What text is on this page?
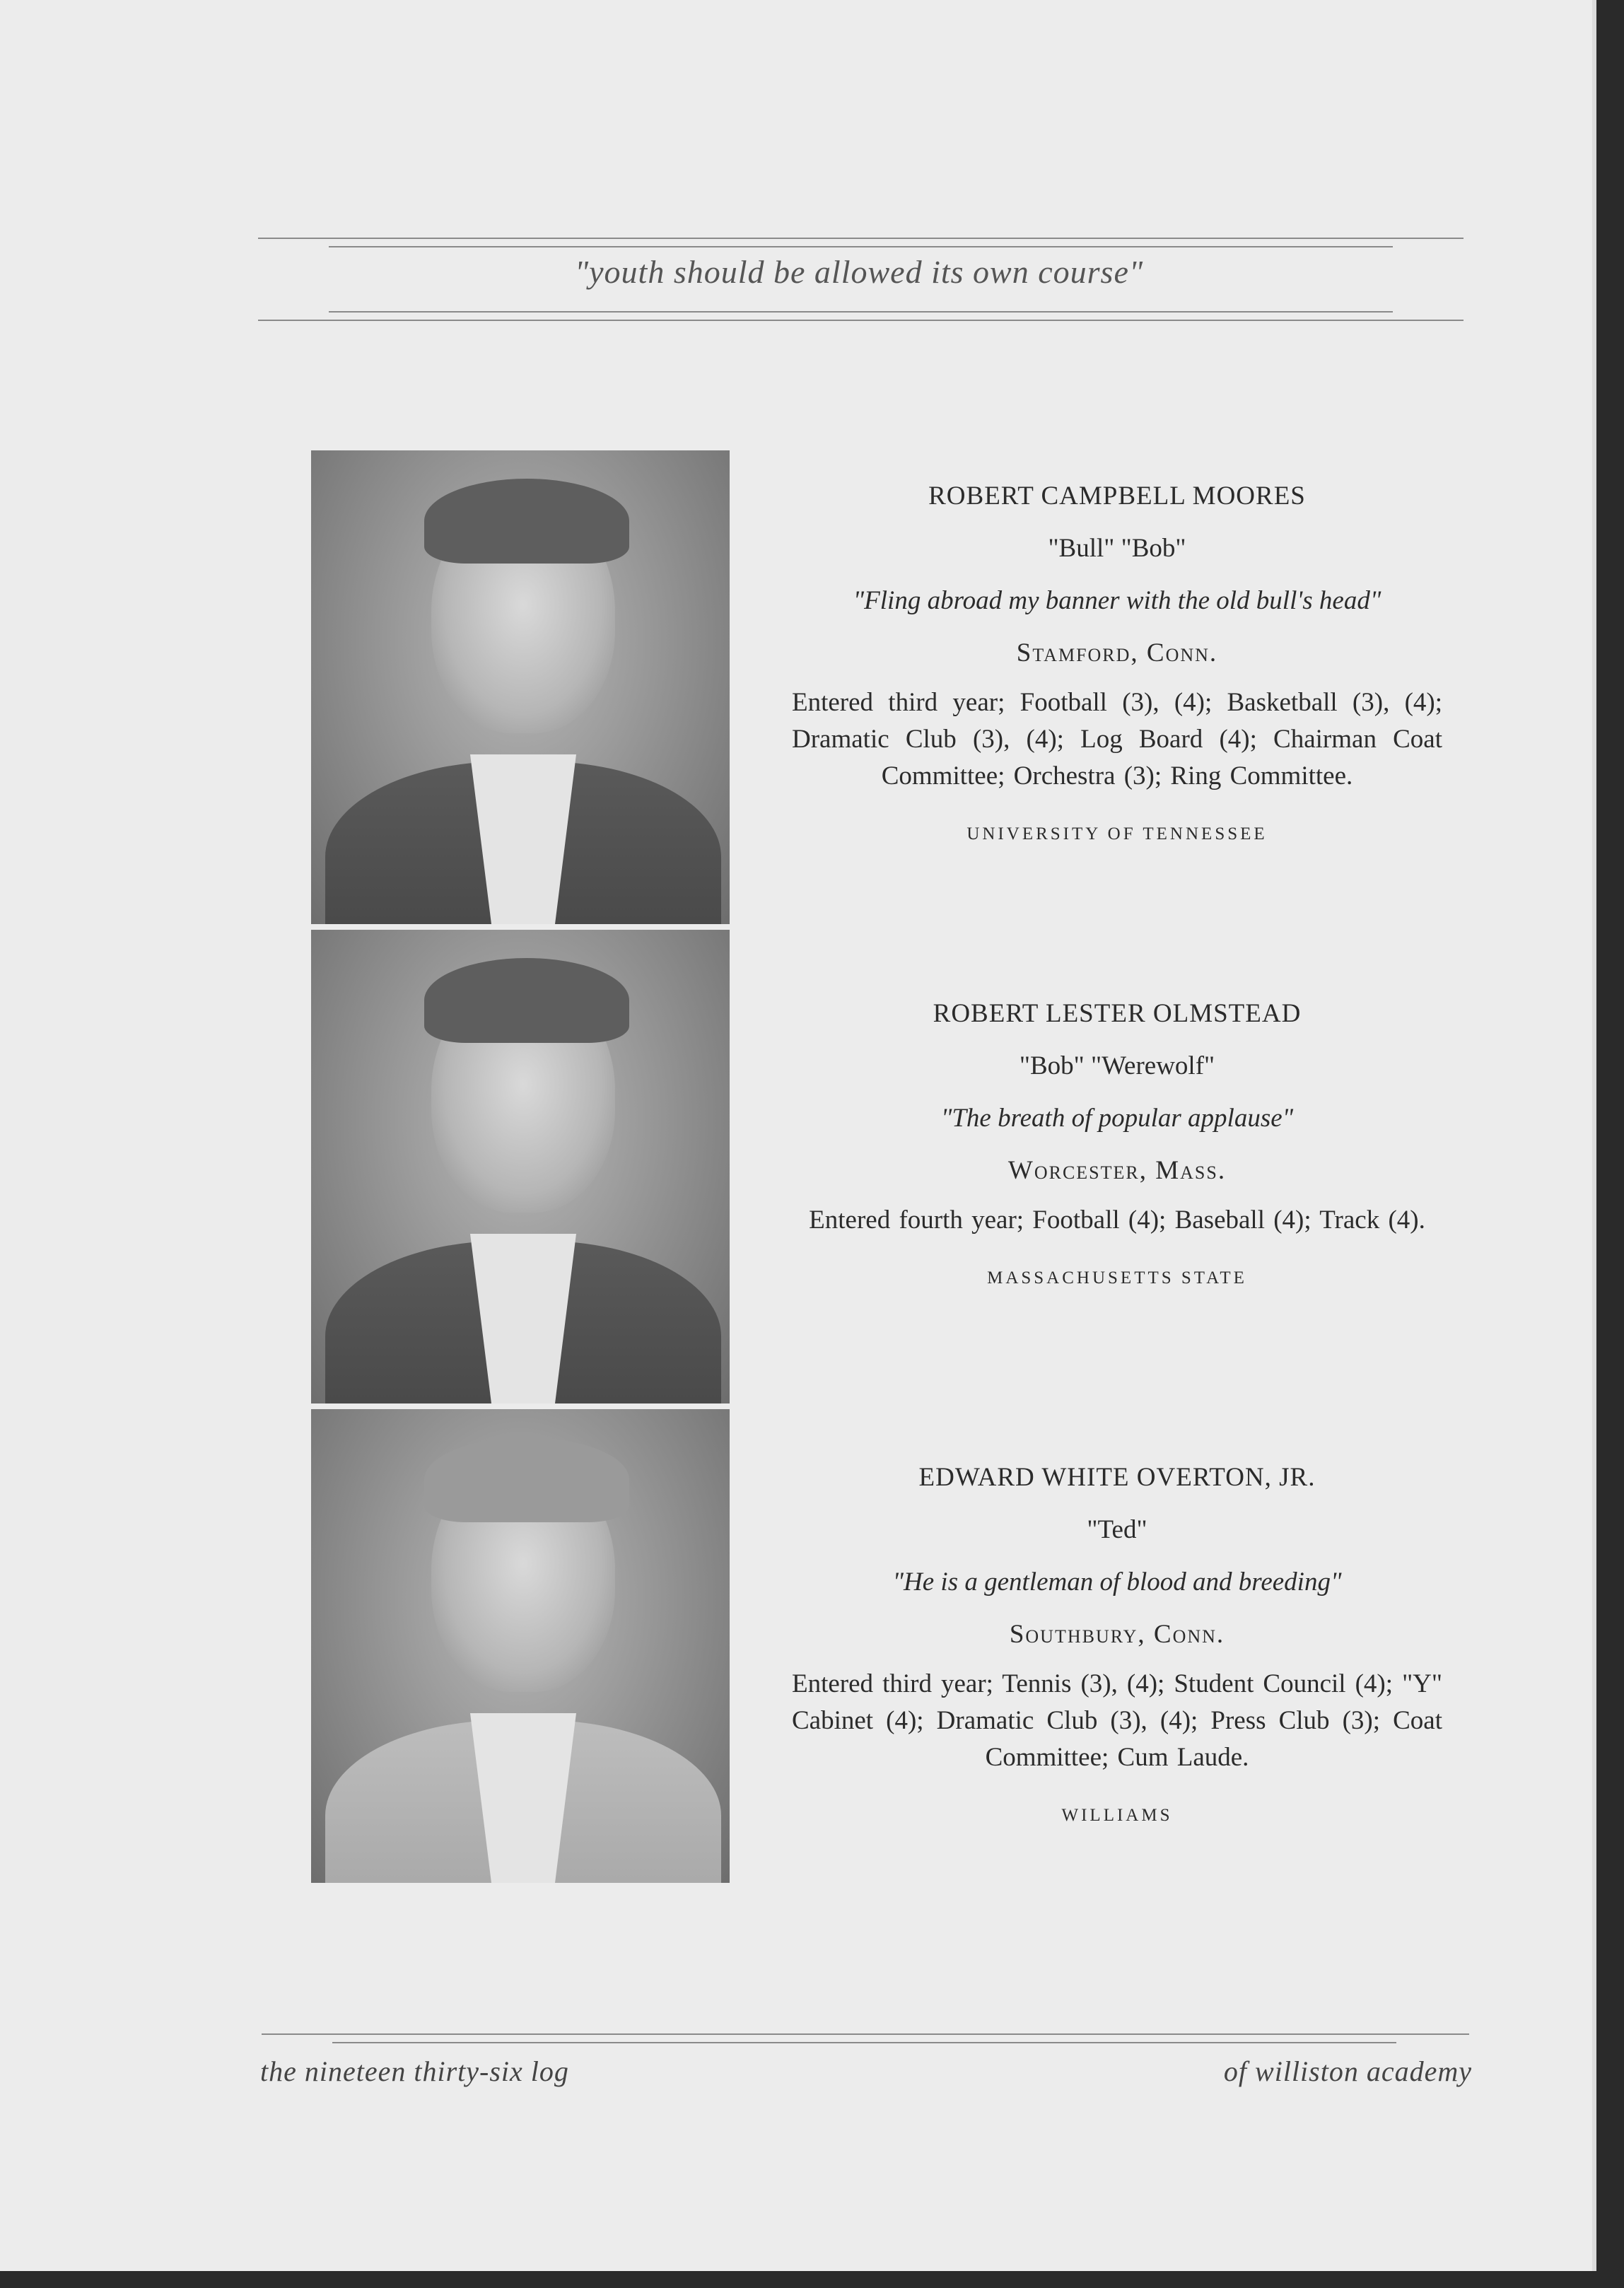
"youth should be allowed its own course"
ROBERT CAMPBELL MOORES
"Bull" "Bob"
"Fling abroad my banner with the old bull's head"
Stamford, Conn.
Entered third year; Football (3), (4); Basketball (3), (4); Dramatic Club (3), (4); Log Board (4); Chairman Coat Committee; Orchestra (3); Ring Committee.
UNIVERSITY OF TENNESSEE
ROBERT LESTER OLMSTEAD
"Bob" "Werewolf"
"The breath of popular applause"
Worcester, Mass.
Entered fourth year; Football (4); Baseball (4); Track (4).
MASSACHUSETTS STATE
EDWARD WHITE OVERTON, JR.
"Ted"
"He is a gentleman of blood and breeding"
Southbury, Conn.
Entered third year; Tennis (3), (4); Student Council (4); "Y" Cabinet (4); Dramatic Club (3), (4); Press Club (3); Coat Committee; Cum Laude.
WILLIAMS
the nineteen thirty-six log	of williston academy
